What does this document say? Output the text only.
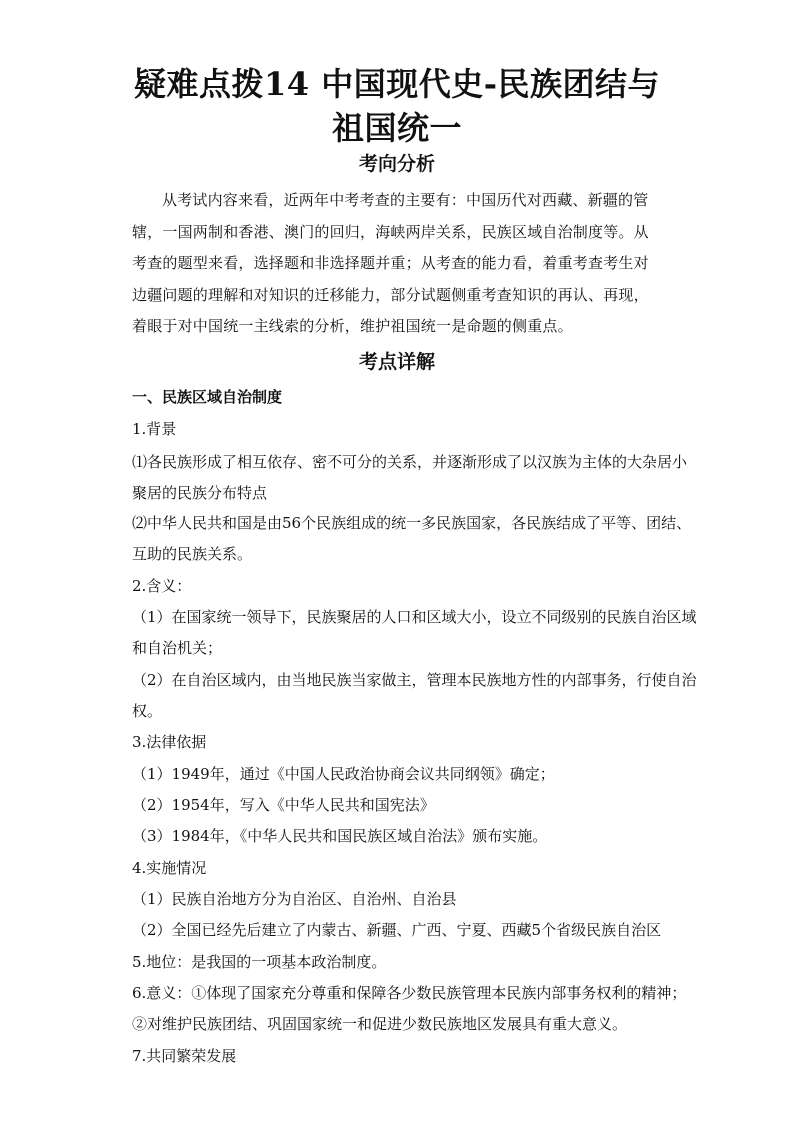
疑难点拨14 中国现代史-民族团结与
祖国统一
考向分析
从考试内容来看，近两年中考考查的主要有：中国历代对西藏、新疆的管辖，一国两制和香港、澳门的回归，海峡两岸关系，民族区域自治制度等。从考查的题型来看，选择题和非选择题并重；从考查的能力看，着重考查考生对边疆问题的理解和对知识的迁移能力，部分试题侧重考查知识的再认、再现，着眼于对中国统一主线索的分析，维护祖国统一是命题的侧重点。
考点详解
一、民族区域自治制度
1.背景
⑴各民族形成了相互依存、密不可分的关系，并逐渐形成了以汉族为主体的大杂居小
聚居的民族分布特点
⑵中华人民共和国是由56个民族组成的统一多民族国家，各民族结成了平等、团结、
互助的民族关系。
2.含义：
（1）在国家统一领导下，民族聚居的人口和区域大小，设立不同级别的民族自治区域
和自治机关；
（2）在自治区域内，由当地民族当家做主，管理本民族地方性的内部事务，行使自治
权。
3.法律依据
（1）1949年，通过《中国人民政治协商会议共同纲领》确定；
（2）1954年，写入《中华人民共和国宪法》
（3）1984年，《中华人民共和国民族区域自治法》颁布实施。
4.实施情况
（1）民族自治地方分为自治区、自治州、自治县
（2）全国已经先后建立了内蒙古、新疆、广西、宁夏、西藏5个省级民族自治区
5.地位：是我国的一项基本政治制度。
6.意义：①体现了国家充分尊重和保障各少数民族管理本民族内部事务权利的精神；
②对维护民族团结、巩固国家统一和促进少数民族地区发展具有重大意义。
7.共同繁荣发展
